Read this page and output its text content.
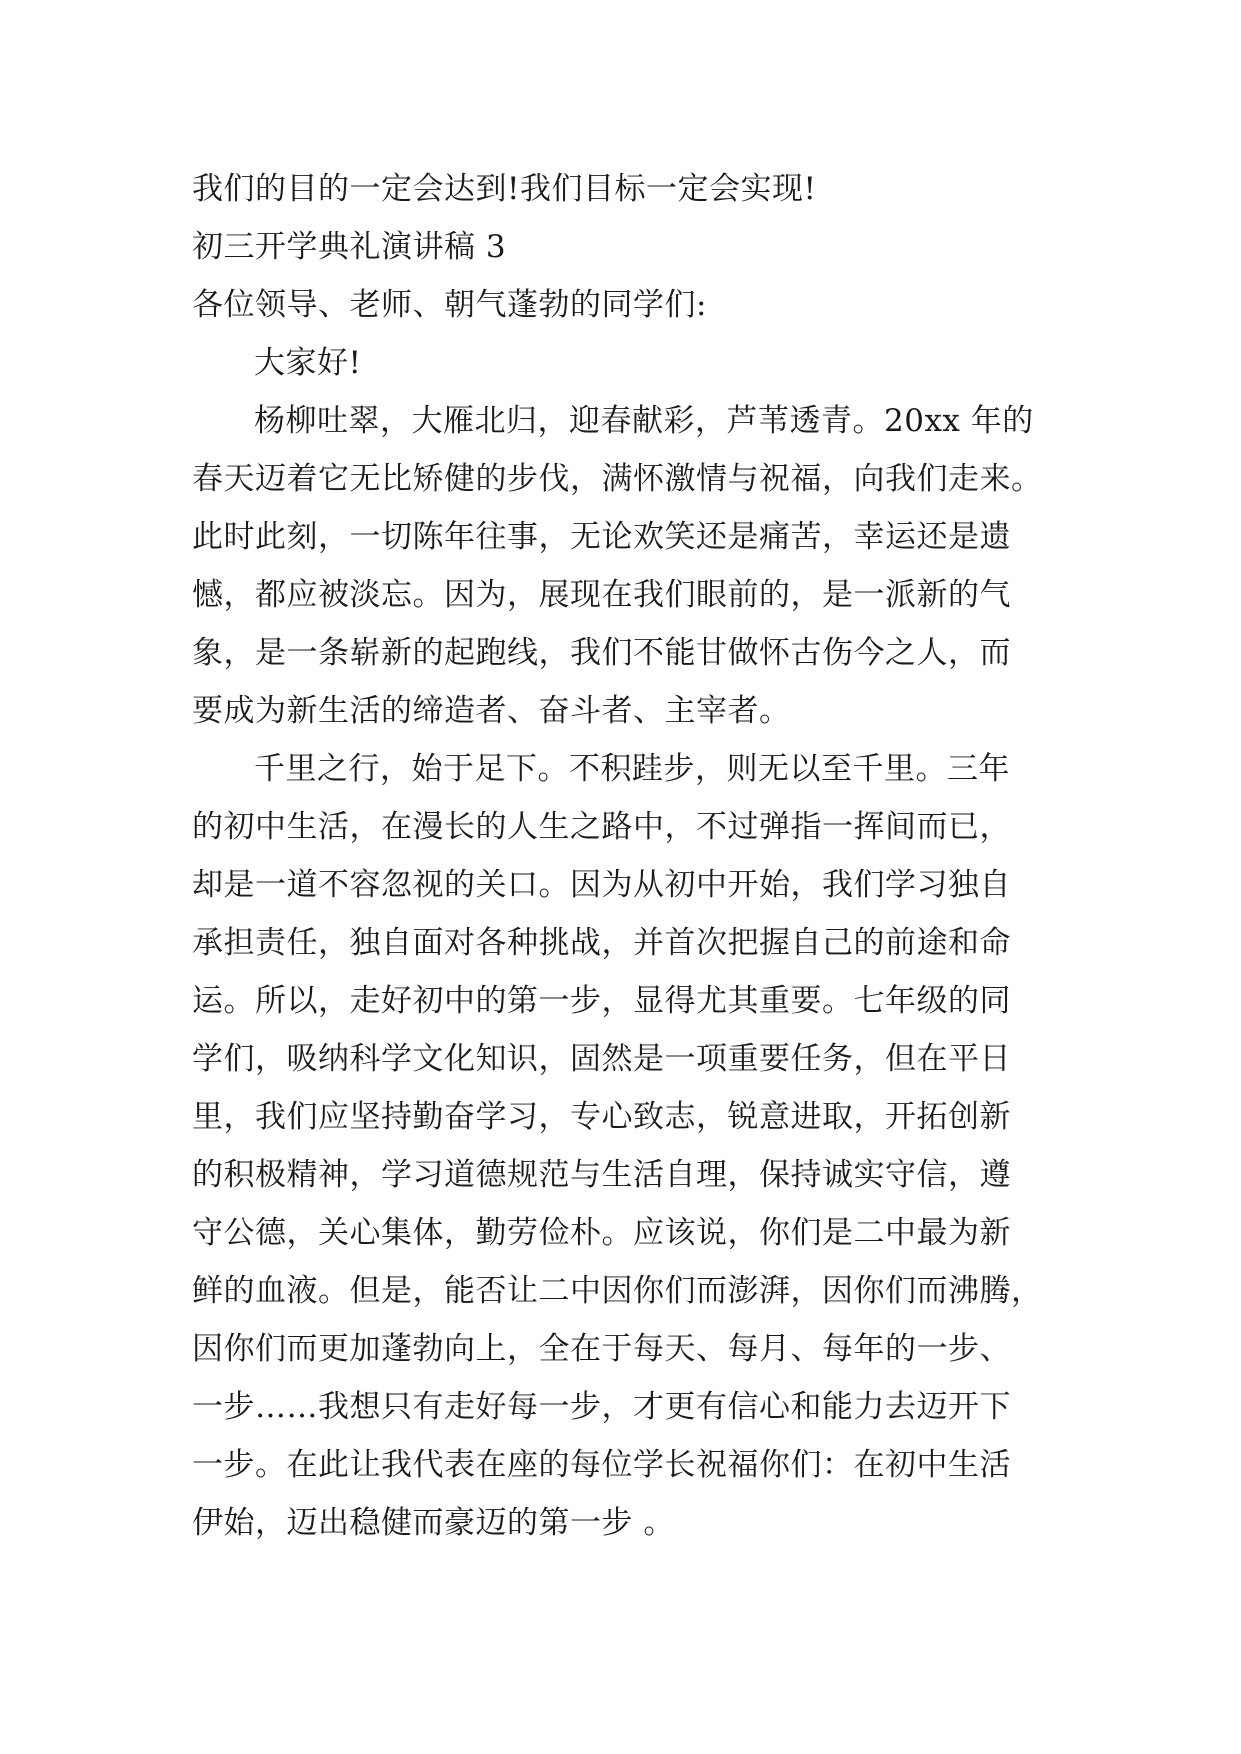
我们的目的一定会达到!我们目标一定会实现!
初三开学典礼演讲稿 3
各位领导、老师、朝气蓬勃的同学们:
大家好!
杨柳吐翠，大雁北归，迎春献彩，芦苇透青。20xx 年的
春天迈着它无比矫健的步伐，满怀激情与祝福，向我们走来。
此时此刻，一切陈年往事，无论欢笑还是痛苦，幸运还是遗
憾，都应被淡忘。因为，展现在我们眼前的，是一派新的气
象，是一条崭新的起跑线，我们不能甘做怀古伤今之人，而
要成为新生活的缔造者、奋斗者、主宰者。
千里之行，始于足下。不积跬步，则无以至千里。三年
的初中生活，在漫长的人生之路中，不过弹指一挥间而已，
却是一道不容忽视的关口。因为从初中开始，我们学习独自
承担责任，独自面对各种挑战，并首次把握自己的前途和命
运。所以，走好初中的第一步，显得尤其重要。七年级的同
学们，吸纳科学文化知识，固然是一项重要任务，但在平日
里，我们应坚持勤奋学习，专心致志，锐意进取，开拓创新
的积极精神，学习道德规范与生活自理，保持诚实守信，遵
守公德，关心集体，勤劳俭朴。应该说，你们是二中最为新
鲜的血液。但是，能否让二中因你们而澎湃，因你们而沸腾，
因你们而更加蓬勃向上，全在于每天、每月、每年的一步、
一步……我想只有走好每一步，才更有信心和能力去迈开下
一步。在此让我代表在座的每位学长祝福你们：在初中生活
伊始，迈出稳健而豪迈的第一步 。
